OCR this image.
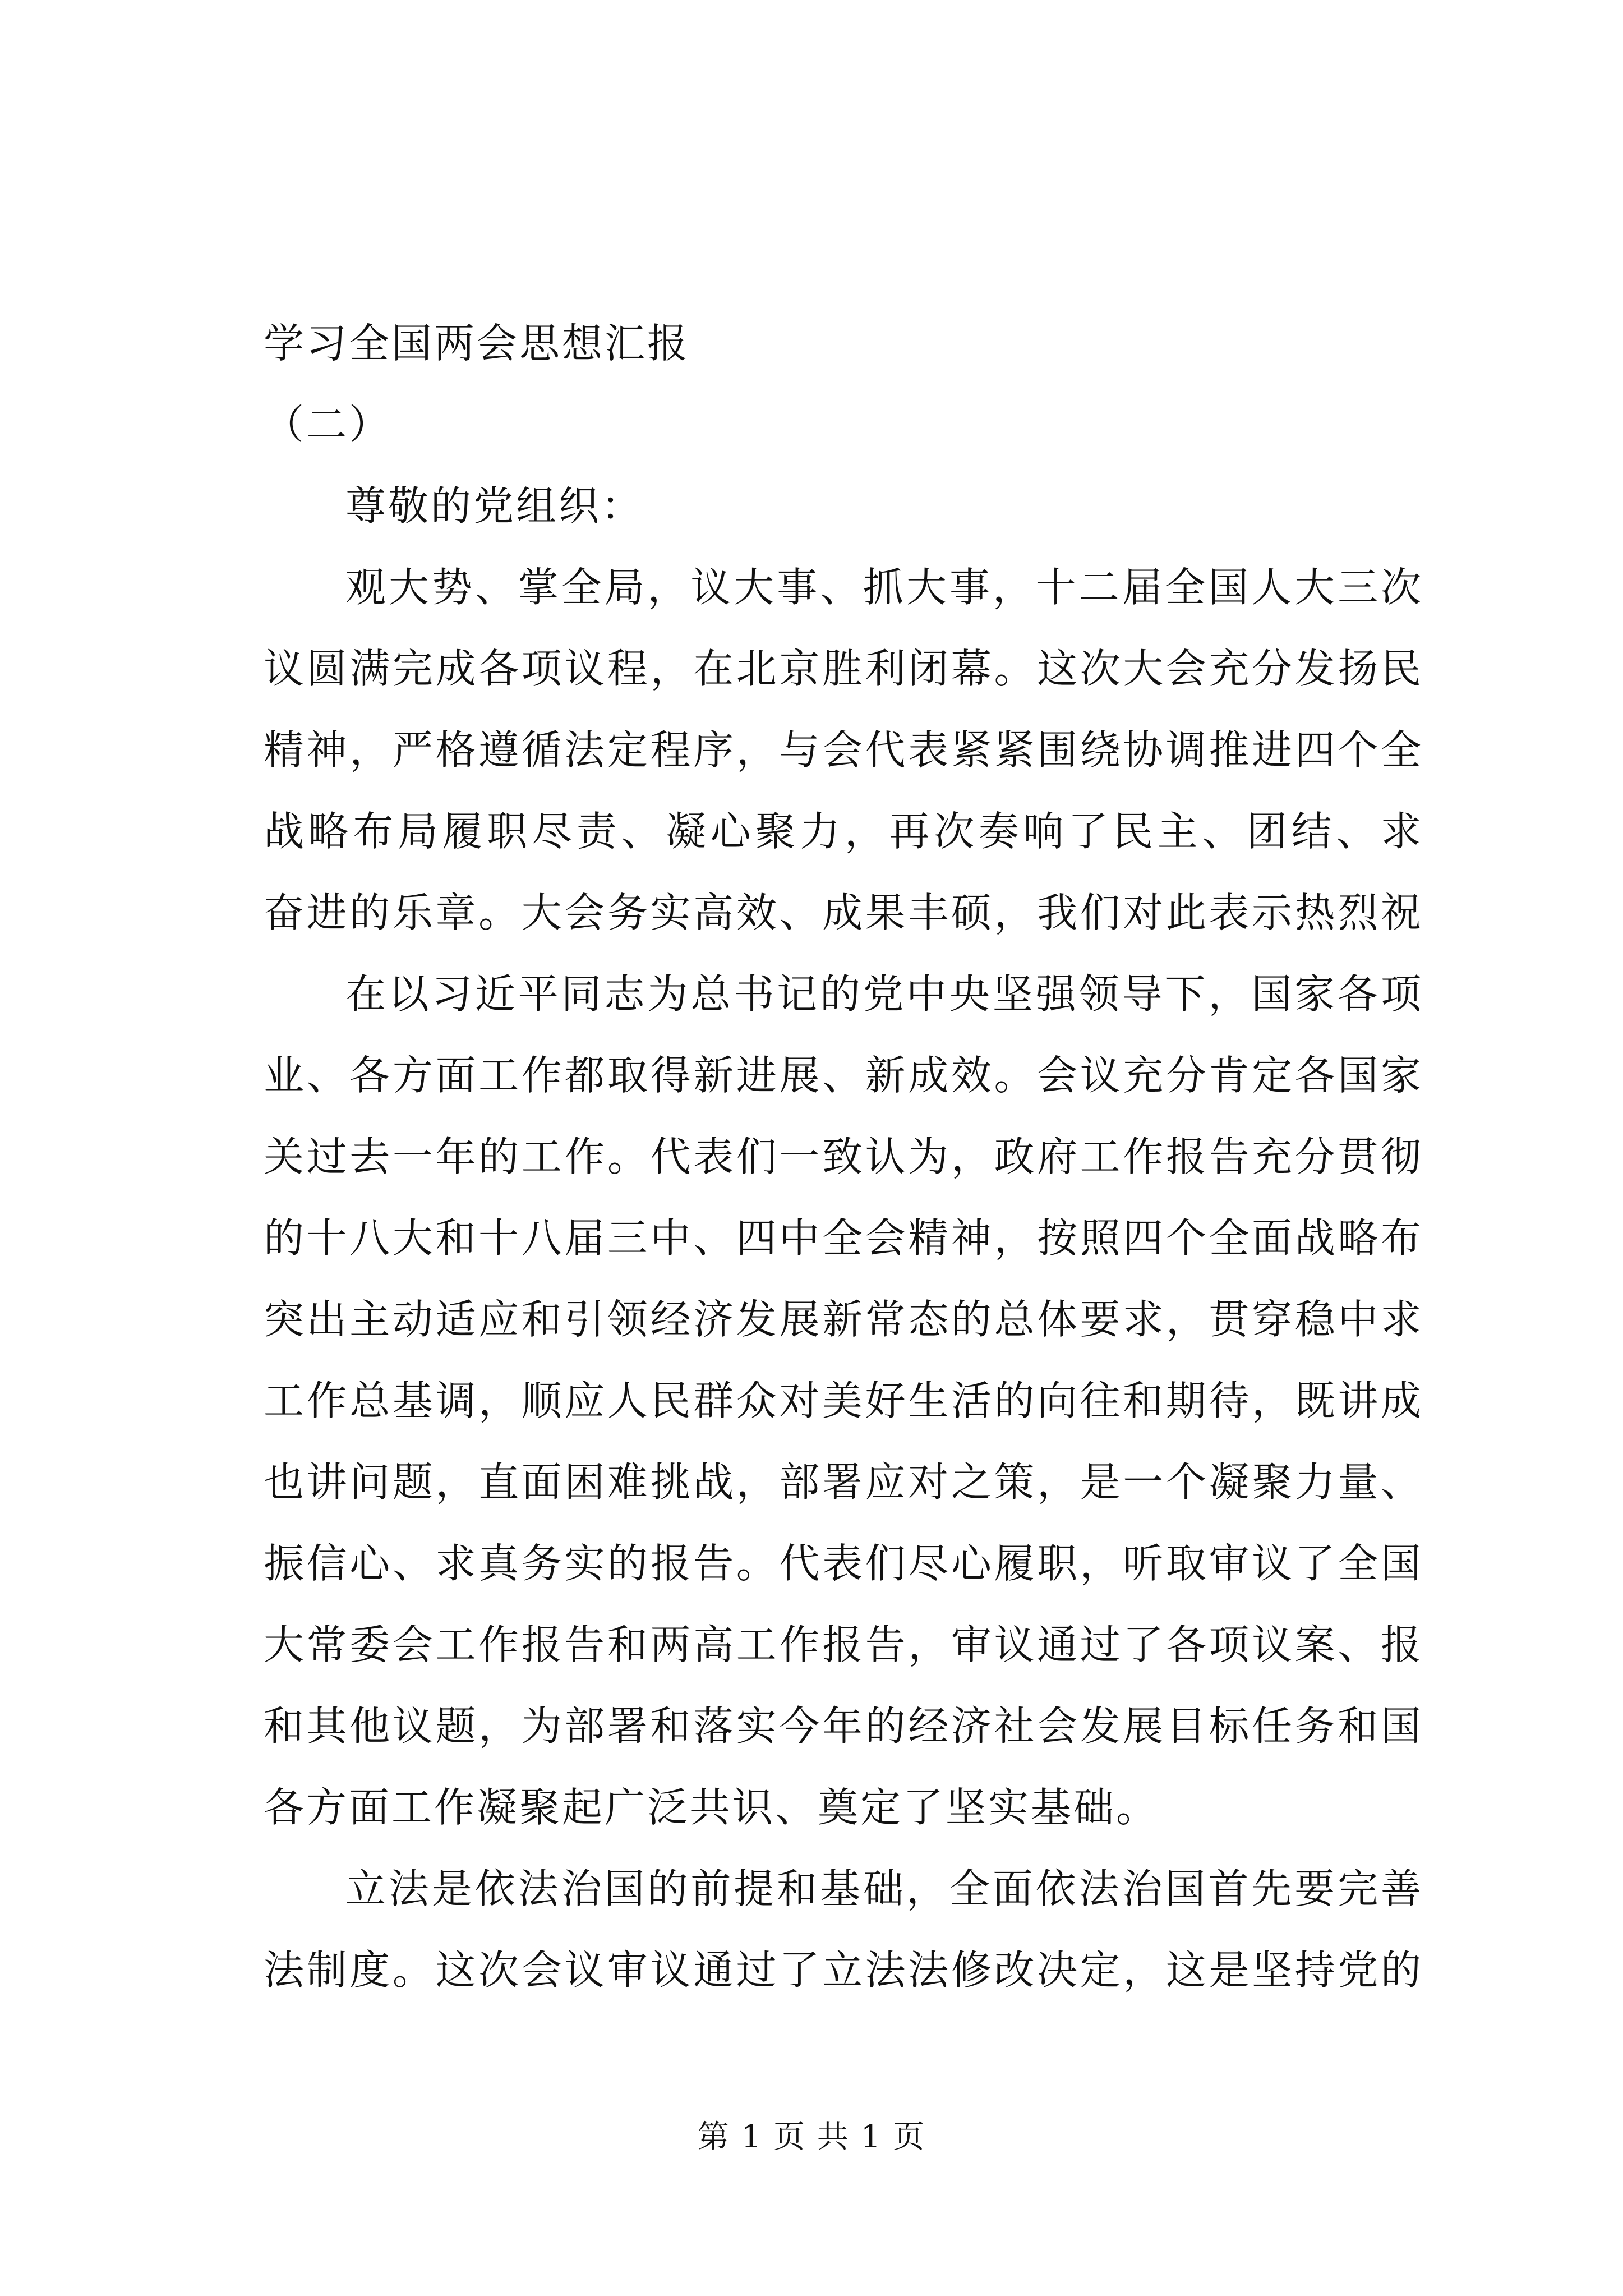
学习全国两会思想汇报
（二）
尊敬的党组织：
观大势、掌全局，议大事、抓大事，十二届全国人大三次
议圆满完成各项议程，在北京胜利闭幕。这次大会充分发扬民
精神，严格遵循法定程序，与会代表紧紧围绕协调推进四个全
战略布局履职尽责、凝心聚力，再次奏响了民主、团结、求
奋进的乐章。大会务实高效、成果丰硕，我们对此表示热烈祝
在以习近平同志为总书记的党中央坚强领导下，国家各项
业、各方面工作都取得新进展、新成效。会议充分肯定各国家
关过去一年的工作。代表们一致认为，政府工作报告充分贯彻
的十八大和十八届三中、四中全会精神，按照四个全面战略布
突出主动适应和引领经济发展新常态的总体要求，贯穿稳中求
工作总基调，顺应人民群众对美好生活的向往和期待，既讲成
也讲问题，直面困难挑战，部署应对之策，是一个凝聚力量、
振信心、求真务实的报告。代表们尽心履职，听取审议了全国
大常委会工作报告和两高工作报告，审议通过了各项议案、报
和其他议题，为部署和落实今年的经济社会发展目标任务和国
各方面工作凝聚起广泛共识、奠定了坚实基础。
立法是依法治国的前提和基础，全面依法治国首先要完善
法制度。这次会议审议通过了立法法修改决定，这是坚持党的
第 1 页 共 1 页
